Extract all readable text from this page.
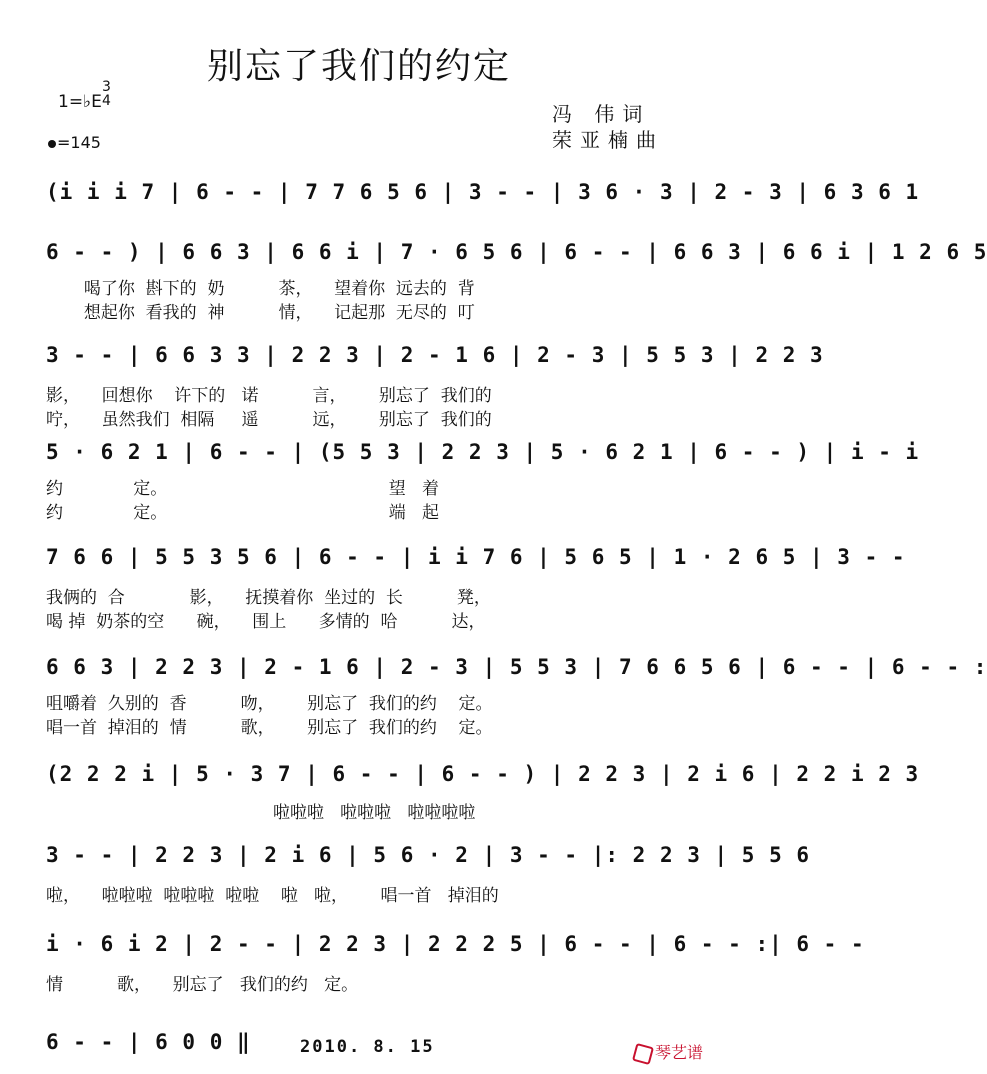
别忘了我们的约定
1=♭E
3
4
=145
冯 伟词
荣亚楠曲
(i i i 7 | 6 - - | 7 7 6 5 6 | 3 - - | 3 6 · 3 | 2 - 3 | 6 3 6 1
6 - - ) | 6 6 3 | 6 6 i | 7 · 6 5 6 | 6 - - | 6 6 3 | 6 6 i | 1 2 6 5
喝了你  斟下的  奶          茶，    望着你  远去的  背
想起你  看我的  神          情，    记起那  无尽的  叮
3 - - | 6 6 3 3 | 2 2 3 | 2 - 1 6 | 2 - 3 | 5 5 3 | 2 2 3
影，    回想你    许下的   诺          言，      别忘了  我们的
咛，    虽然我们  相隔     遥          远，      别忘了  我们的
5 · 6 2 1 | 6 - - | (5 5 3 | 2 2 3 | 5 · 6 2 1 | 6 - - ) | i - i
约             定。                                         望   着
约             定。                                         端   起
7 6 6 | 5 5 3 5 6 | 6 - - | i i 7 6 | 5 6 5 | 1 · 2 6 5 | 3 - -
我俩的  合            影，    抚摸着你  坐过的  长          凳，
喝 掉  奶茶的空      碗，    围上      多情的  哈          达，
6 6 3 | 2 2 3 | 2 - 1 6 | 2 - 3 | 5 5 3 | 7 6 6 5 6 | 6 - - | 6 - - :
咀嚼着  久别的  香          吻，      别忘了  我们的约    定。
唱一首  掉泪的  情          歌，      别忘了  我们的约    定。
(2 2 2 i | 5 · 3 7 | 6 - - | 6 - - ) | 2 2 3 | 2 i 6 | 2 2 i 2 3
啦啦啦   啦啦啦   啦啦啦啦
3 - - | 2 2 3 | 2 i 6 | 5 6 · 2 | 3 - - |: 2 2 3 | 5 5 6
啦，    啦啦啦  啦啦啦  啦啦    啦   啦，      唱一首   掉泪的
i · 6 i 2 | 2 - - | 2 2 3 | 2 2 2 5 | 6 - - | 6 - - :| 6 - -
情          歌，    别忘了   我们的约   定。
6 - - | 6 0 0 ‖	2010. 8. 15	琴艺谱
